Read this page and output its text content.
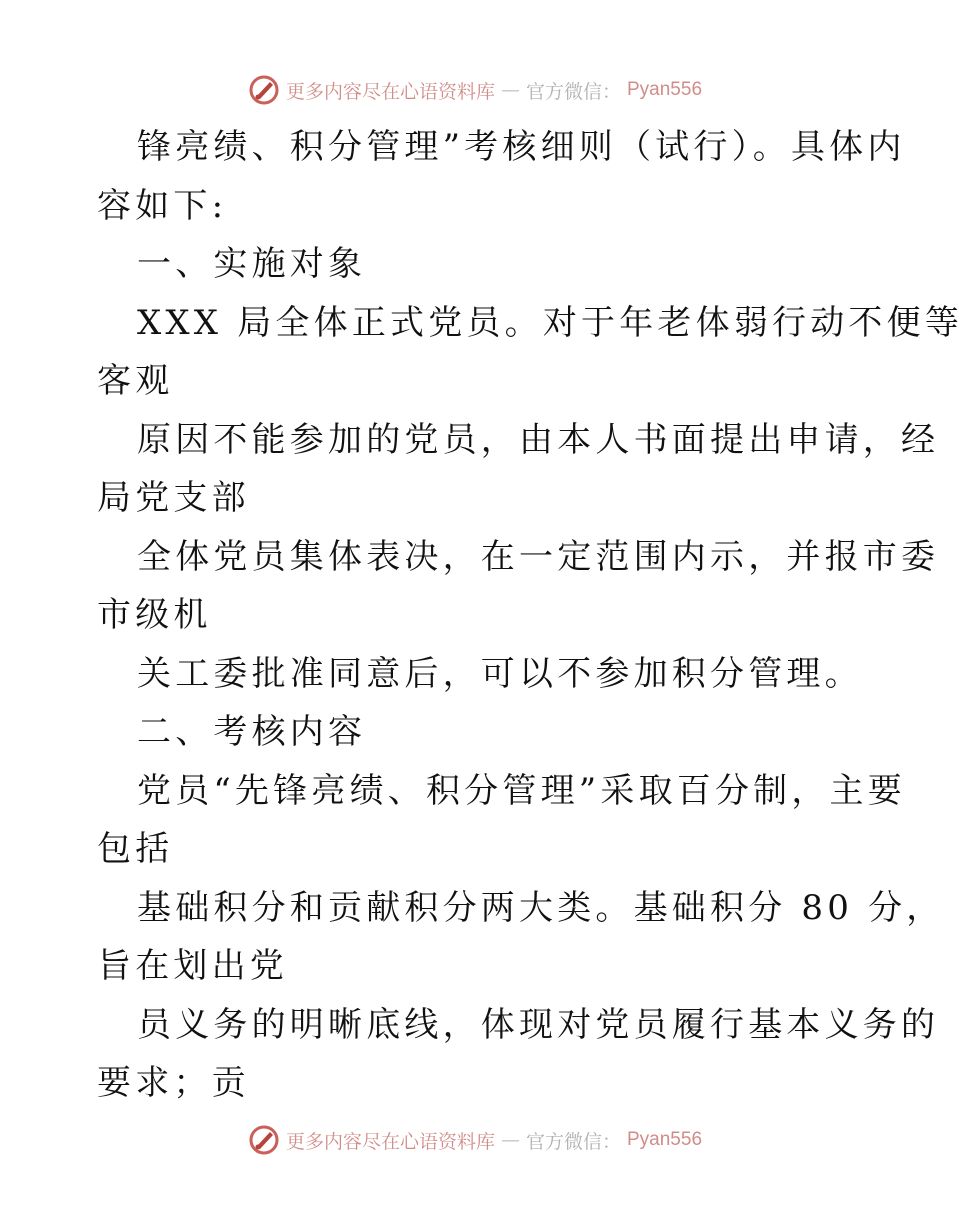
更多内容尽在心语资料库 — 官方微信： Pyan556
锋亮绩、积分管理”考核细则（试行）。具体内
容如下:
一、实施对象
XXX 局全体正式党员。对于年老体弱行动不便等
客观
原因不能参加的党员，由本人书面提出申请，经
局党支部
全体党员集体表决，在一定范围内示，并报市委
市级机
关工委批准同意后，可以不参加积分管理。
二、考核内容
党员“先锋亮绩、积分管理”采取百分制，主要
包括
基础积分和贡献积分两大类。基础积分 80 分，
旨在划出党
员义务的明晰底线，体现对党员履行基本义务的
要求；贡
更多内容尽在心语资料库 — 官方微信： Pyan556
